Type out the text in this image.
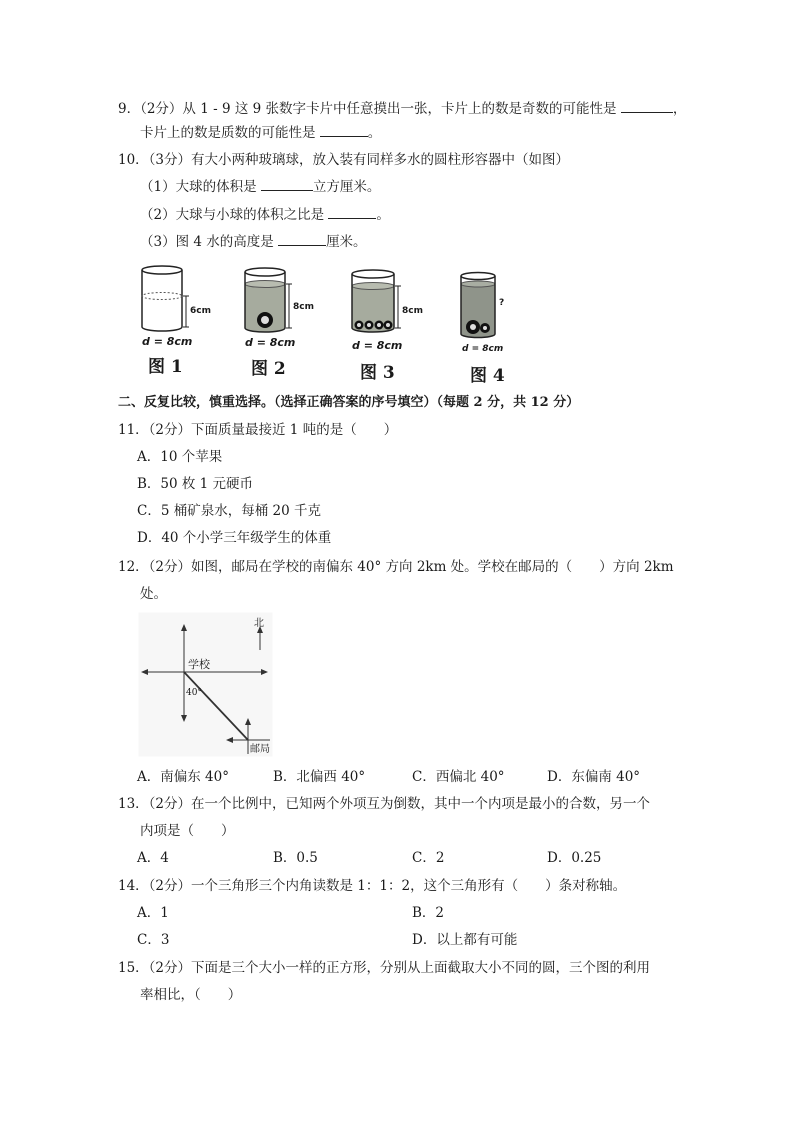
9．（2分）从 1 - 9 这 9 张数字卡片中任意摸出一张，卡片上的数是奇数的可能性是	，
卡片上的数是质数的可能性是	。
10．（3分）有大小两种玻璃球，放入装有同样多水的圆柱形容器中（如图）
（1）大球的体积是	立方厘米。
（2）大球与小球的体积之比是	。
（3）图 4 水的高度是	厘米。
6cm
d = 8cm
图 1
8cm
d = 8cm
图 2
8cm
d = 8cm
图 3
?
d = 8cm
图 4
二、反复比较，慎重选择。（选择正确答案的序号填空）（每题 2 分，共 12 分）
11．（2分）下面质量最接近 1 吨的是（　　）
A．10 个苹果
B．50 枚 1 元硬币
C．5 桶矿泉水，每桶 20 千克
D．40 个小学三年级学生的体重
12．（2分）如图，邮局在学校的南偏东 40° 方向 2km 处。学校在邮局的（　　）方向 2km
处。
北
学校
40°
邮局
A．南偏东 40°	B．北偏西 40°	C．西偏北 40°	D．东偏南 40°
13．（2分）在一个比例中，已知两个外项互为倒数，其中一个内项是最小的合数，另一个
内项是（　　）
A．4	B．0.5	C．2	D．0.25
14．（2分）一个三角形三个内角读数是 1：1：2，这个三角形有（　　）条对称轴。
A．1	B．2
C．3	D．以上都有可能
15．（2分）下面是三个大小一样的正方形，分别从上面截取大小不同的圆，三个图的利用
率相比，（　　）
